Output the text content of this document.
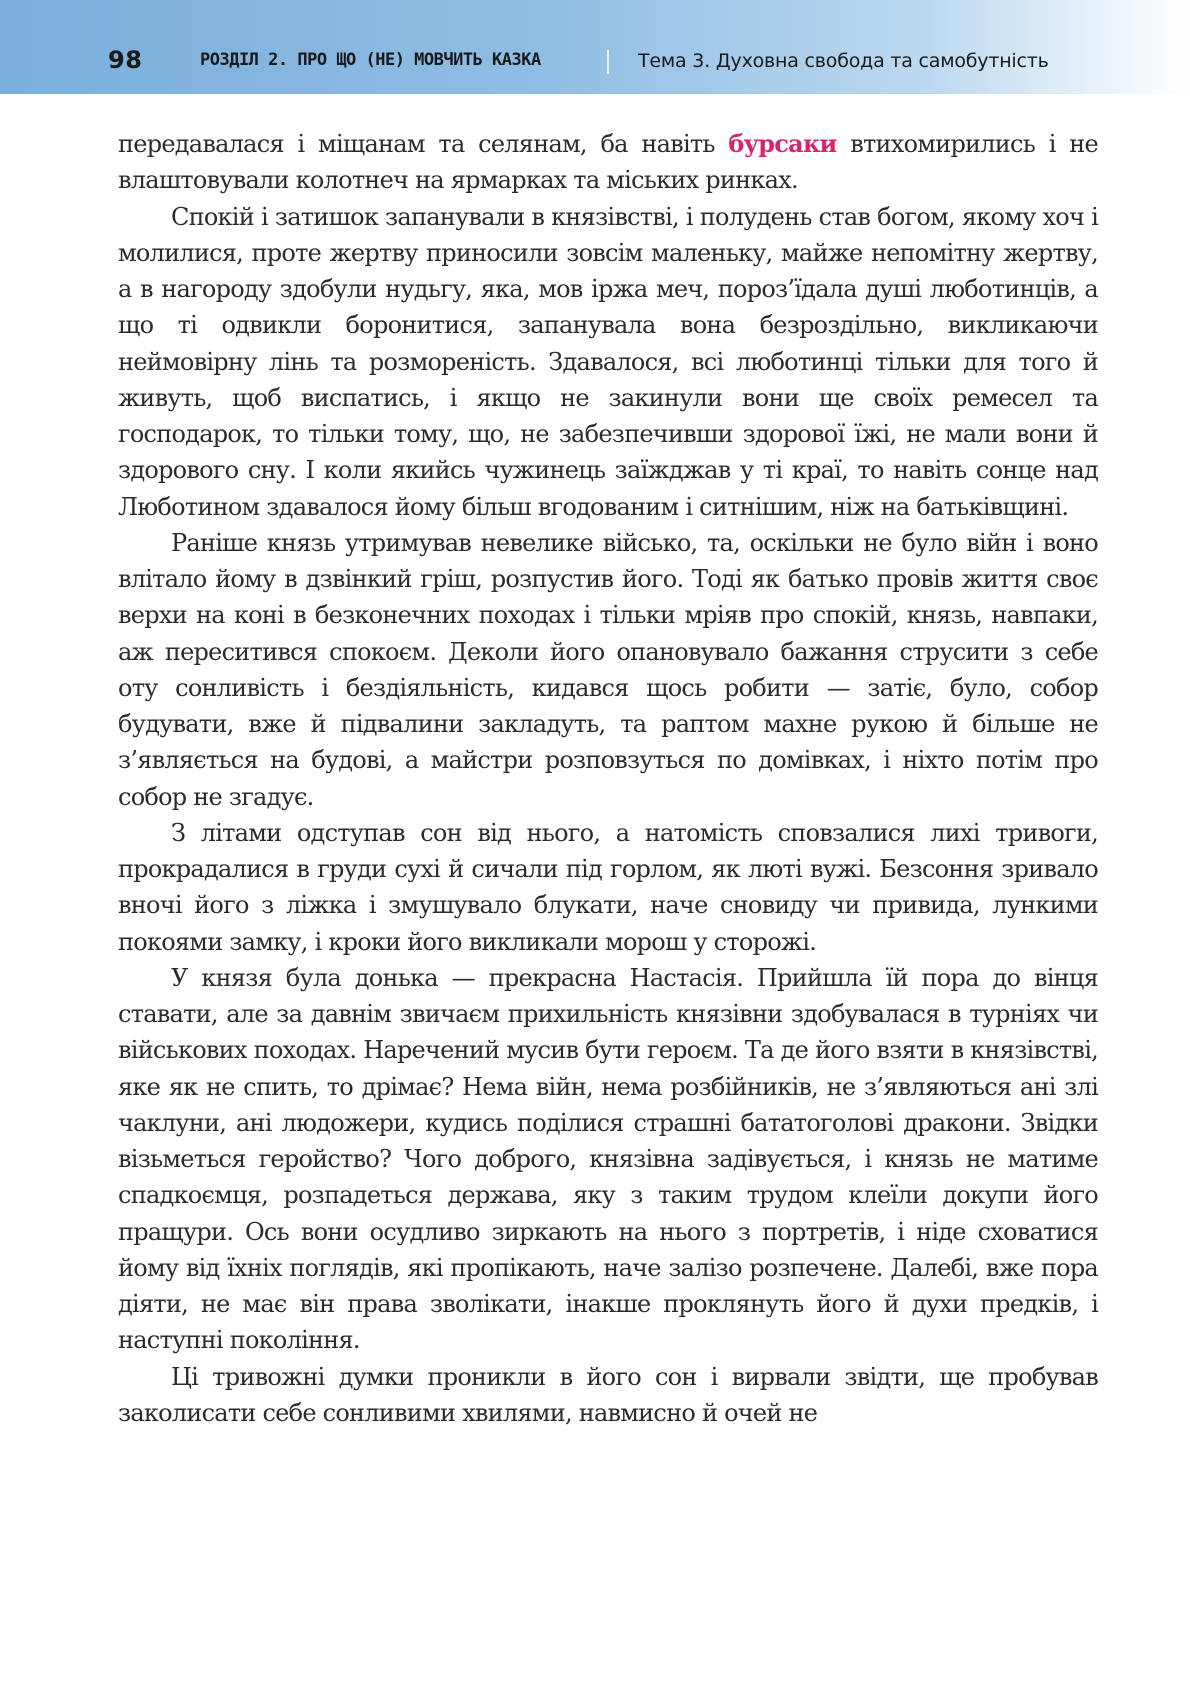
98	РОЗДІЛ 2. ПРО ЩО (НЕ) МОВЧИТЬ КАЗКА	Тема 3. Духовна свобода та самобутність

передавалася і міщанам та селянам, ба навіть бурсаки втихомирились і не влаштовували колотнеч на ярмарках та міських ринках.

Спокій і затишок запанували в князівстві, і полудень став богом, якому хоч і молилися, проте жертву приносили зовсім маленьку, майже непомітну жертву, а в нагороду здобули нудьгу, яка, мов іржа меч, пороз’їдала душі люботинців, а що ті одвикли боронитися, запанувала вона безроздільно, викликаючи неймовірну лінь та розмореність. Здавалося, всі люботинці тільки для того й живуть, щоб виспатись, і якщо не закинули вони ще своїх ремесел та господарок, то тільки тому, що, не забезпечивши здорової їжі, не мали вони й здорового сну. І коли якийсь чужинець заїжджав у ті краї, то навіть сонце над Люботином здавалося йому більш вгодованим і ситнішим, ніж на батьківщині.

Раніше князь утримував невелике військо, та, оскільки не було війн і воно влітало йому в дзвінкий гріш, розпустив його. Тоді як батько провів життя своє верхи на коні в безконечних походах і тільки мріяв про спокій, князь, навпаки, аж переситився спокоєм. Деколи його опановувало бажання струсити з себе оту сонливість і бездіяльність, кидався щось робити — затіє, було, собор будувати, вже й підвалини закладуть, та раптом махне рукою й більше не з’являється на будові, а майстри розповзуться по домівках, і ніхто потім про собор не згадує.

З літами одступав сон від нього, а натомість сповзалися лихі тривоги, прокрадалися в груди сухі й сичали під горлом, як люті вужі. Безсоння зривало вночі його з ліжка і змушувало блукати, наче сновиду чи привида, лункими покоями замку, і кроки його викликали морош у сторожі.

У князя була донька — прекрасна Настасія. Прийшла їй пора до вінця ставати, але за давнім звичаєм прихильність князівни здобувалася в турніях чи військових походах. Наречений мусив бути героєм. Та де його взяти в князівстві, яке як не спить, то дрімає? Нема війн, нема розбійників, не з’являються ані злі чаклуни, ані людожери, кудись поділися страшні бататоголові дракони. Звідки візьметься геройство? Чого доброго, князівна задівується, і князь не матиме спадкоємця, розпадеться держава, яку з таким трудом клеїли докупи його пращури. Ось вони осудливо зиркають на нього з портретів, і ніде сховатися йому від їхніх поглядів, які пропікають, наче залізо розпечене. Далебі, вже пора діяти, не має він права зволікати, інакше проклянуть його й духи предків, і наступні покоління.

Ці тривожні думки проникли в його сон і вирвали звідти, ще пробував заколисати себе сонливими хвилями, навмисно й очей не
